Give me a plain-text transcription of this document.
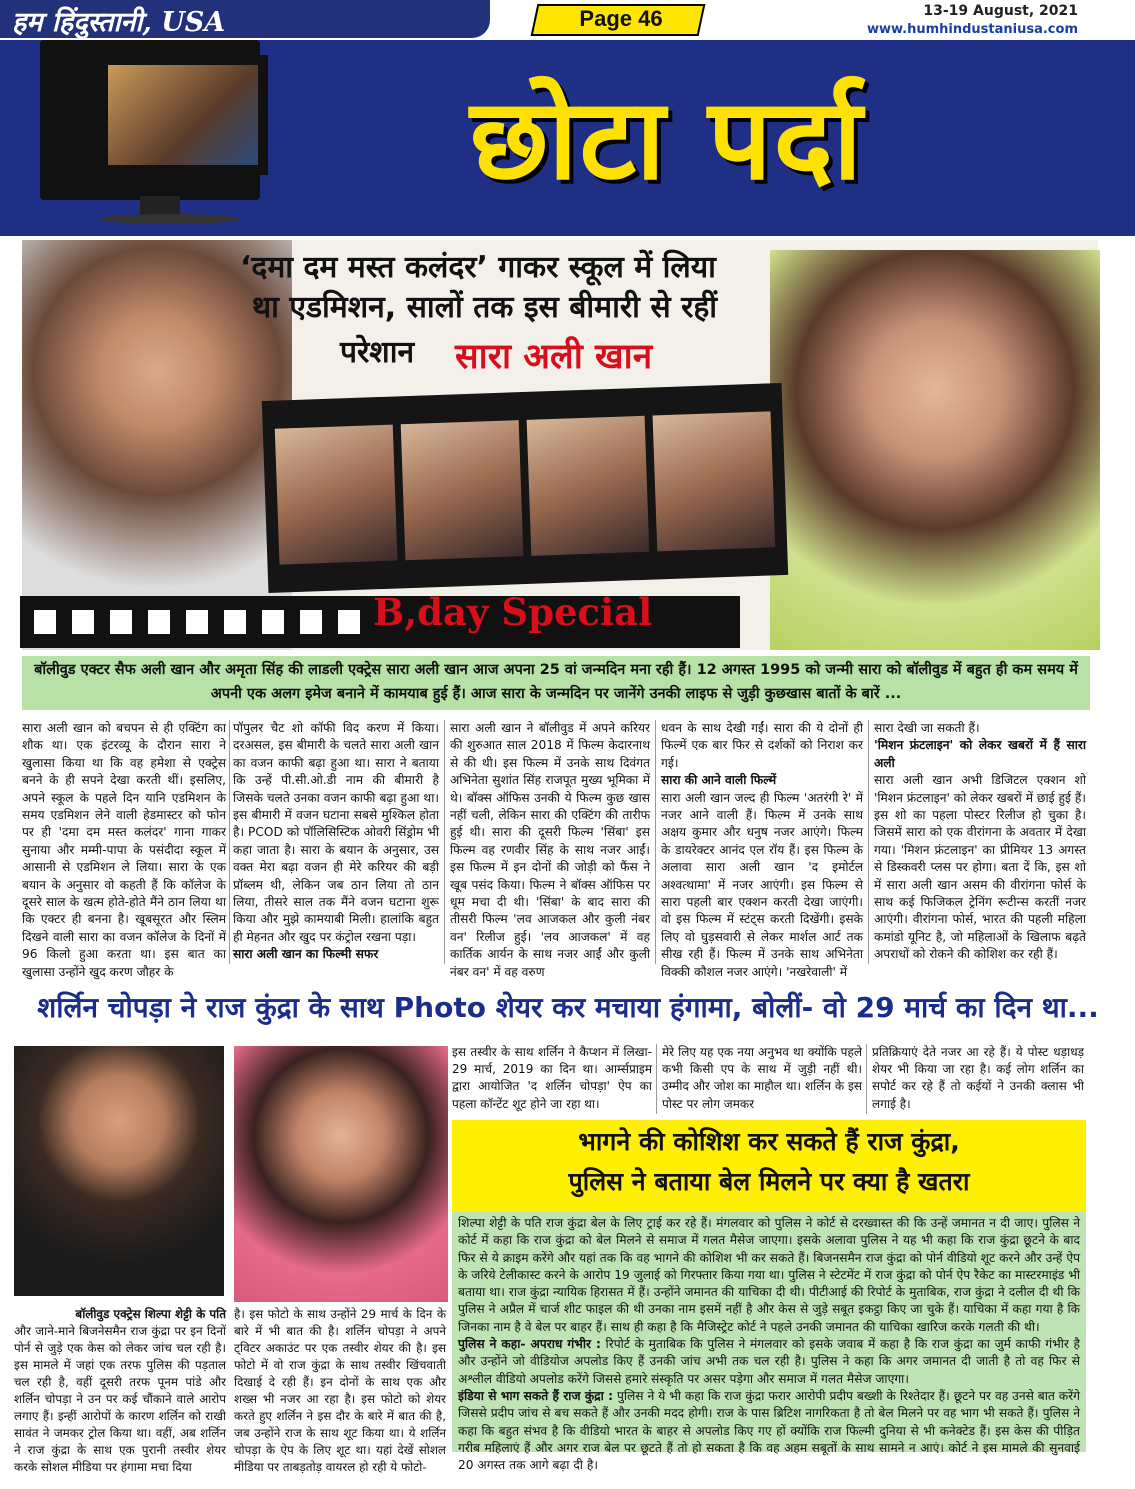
हम हिंदुस्तानी, USA	Page 46	13-19 August, 2021
www.humhindustaniusa.com
छोटा पर्दा
‘दमा दम मस्त कलंदर’ गाकर स्कूल में लिया
था एडमिशन, सालों तक इस बीमारी से रहीं
परेशान सारा अली खान
B,day Special
बॉलीवुड एक्टर सैफ अली खान और अमृता सिंह की लाडली एक्ट्रेस सारा अली खान आज अपना 25 वां जन्मदिन मना रही हैं। 12 अगस्त 1995 को जन्मी सारा को बॉलीवुड में बहुत ही कम समय में अपनी एक अलग इमेज बनाने में कामयाब हुई हैं। आज सारा के जन्मदिन पर जानेंगे उनकी लाइफ से जुड़ी कुछखास बातों के बारें ...
सारा अली खान को बचपन से ही एक्टिंग का शौक था। एक इंटरव्यू के दौरान सारा ने खुलासा किया था कि वह हमेशा से एक्ट्रेस बनने के ही सपने देखा करती थीं। इसलिए, अपने स्कूल के पहले दिन यानि एडमिशन के समय एडमिशन लेने वाली हेडमास्टर को फोन पर ही 'दमा दम मस्त कलंदर' गाना गाकर सुनाया और मम्मी-पापा के पसंदीदा स्कूल में आसानी से एडमिशन ले लिया। सारा के एक बयान के अनुसार वो कहती हैं कि कॉलेज के दूसरे साल के खत्म होते-होते मैंने ठान लिया था कि एक्टर ही बनना है। खूबसूरत और स्लिम दिखने वाली सारा का वजन कॉलेज के दिनों में 96 किलो हुआ करता था। इस बात का खुलासा उन्होंने खुद करण जौहर के
पॉपुलर चैट शो कॉफी विद करण में किया। दरअसल, इस बीमारी के चलते सारा अली खान का वजन काफी बढ़ा हुआ था। सारा ने बताया कि उन्हें पी.सी.ओ.डी नाम की बीमारी है जिसके चलते उनका वजन काफी बढ़ा हुआ था। इस बीमारी में वजन घटाना सबसे मुश्किल होता है। PCOD को पॉलिसिस्टिक ओवरी सिंड्रोम भी कहा जाता है। सारा के बयान के अनुसार, उस वक्त मेरा बढ़ा वजन ही मेरे करियर की बड़ी प्रॉब्लम थी, लेकिन जब ठान लिया तो ठान लिया, तीसरे साल तक मैंने वजन घटाना शुरू किया और मुझे कामयाबी मिली। हालांकि बहुत ही मेहनत और खुद पर कंट्रोल रखना पड़ा।
सारा अली खान का फिल्मी सफर
सारा अली खान ने बॉलीवुड में अपने करियर की शुरुआत साल 2018 में फिल्म केदारनाथ से की थी। इस फिल्म में उनके साथ दिवंगत अभिनेता सुशांत सिंह राजपूत मुख्य भूमिका में थे। बॉक्स ऑफिस उनकी ये फिल्म कुछ खास नहीं चली, लेकिन सारा की एक्टिंग की तारीफ हुई थी। सारा की दूसरी फिल्म 'सिंबा' इस फिल्म वह रणवीर सिंह के साथ नजर आईं। इस फिल्म में इन दोनों की जोड़ी को फैंस ने खूब पसंद किया। फिल्म ने बॉक्स ऑफिस पर धूम मचा दी थी। 'सिंबा' के बाद सारा की तीसरी फिल्म 'लव आजकल और कुली नंबर वन' रिलीज हुई। 'लव आजकल' में वह कार्तिक आर्यन के साथ नजर आईं और कुली नंबर वन' में वह वरुण
धवन के साथ देखी गईं। सारा की ये दोनों ही फिल्में एक बार फिर से दर्शकों को निराश कर गई।
सारा की आने वाली फिल्में
सारा अली खान जल्द ही फिल्म 'अतरंगी रे' में नजर आने वाली हैं। फिल्म में उनके साथ अक्षय कुमार और धनुष नजर आएंगे। फिल्म के डायरेक्टर आनंद एल रॉय हैं। इस फिल्म के अलावा सारा अली खान 'द इमोर्टल अश्वत्थामा' में नजर आएंगी। इस फिल्म से सारा पहली बार एक्शन करती देखा जाएंगी। वो इस फिल्म में स्टंट्स करती दिखेंगी। इसके लिए वो घुड़सवारी से लेकर मार्शल आर्ट तक सीख रही हैं। फिल्म में उनके साथ अभिनेता विक्की कौशल नजर आएंगे। 'नखरेवाली' में
सारा देखी जा सकती हैं।
'मिशन फ्रंटलाइन' को लेकर खबरों में हैं सारा अली
सारा अली खान अभी डिजिटल एक्शन शो 'मिशन फ्रंटलाइन' को लेकर खबरों में छाई हुई हैं। इस शो का पहला पोस्टर रिलीज हो चुका है। जिसमें सारा को एक वीरांगना के अवतार में देखा गया। 'मिशन फ्रंटलाइन' का प्रीमियर 13 अगस्त से डिस्कवरी प्लस पर होगा। बता दें कि, इस शो में सारा अली खान असम की वीरांगना फोर्स के साथ कई फिजिकल ट्रेनिंग रूटीन्स करतीं नजर आएंगी। वीरांगना फोर्स, भारत की पहली महिला कमांडो यूनिट है, जो महिलाओं के खिलाफ बढ़ते अपराधों को रोकने की कोशिश कर रही हैं।
शर्लिन चोपड़ा ने राज कुंद्रा के साथ Photo शेयर कर मचाया हंगामा, बोलीं- वो 29 मार्च का दिन था...
बॉलीवुड एक्ट्रेस शिल्पा शेट्टी के पति
और जाने-माने बिजनेसमैन राज कुंद्रा पर इन दिनों पोर्न से जुड़े एक केस को लेकर जांच चल रही है। इस मामले में जहां एक तरफ पुलिस की पड़ताल चल रही है, वहीं दूसरी तरफ पूनम पांडे और शर्लिन चोपड़ा ने उन पर कई चौंकाने वाले आरोप लगाए हैं। इन्हीं आरोपों के कारण शर्लिन को राखी सावंत ने जमकर ट्रोल किया था। वहीं, अब शर्लिन ने राज कुंद्रा के साथ एक पुरानी तस्वीर शेयर करके सोशल मीडिया पर हंगामा मचा दिया
है। इस फोटो के साथ उन्होंने 29 मार्च के दिन के बारे में भी बात की है। शर्लिन चोपड़ा ने अपने ट्विटर अकाउंट पर एक तस्वीर शेयर की है। इस फोटो में वो राज कुंद्रा के साथ तस्वीर खिंचवाती दिखाई दे रही हैं। इन दोनों के साथ एक और शख्स भी नजर आ रहा है। इस फोटो को शेयर करते हुए शर्लिन ने इस दौर के बारे में बात की है, जब उन्होंने राज के साथ शूट किया था। ये शर्लिन चोपड़ा के ऐप के लिए शूट था। यहां देखें सोशल मीडिया पर ताबड़तोड़ वायरल हो रही ये फोटो-
इस तस्वीर के साथ शर्लिन ने कैप्शन में लिखा- 29 मार्च, 2019 का दिन था। आर्म्सप्राइम द्वारा आयोजित 'द शर्लिन चोपड़ा' ऐप का पहला कॉन्टेंट शूट होने जा रहा था।
मेरे लिए यह एक नया अनुभव था क्योंकि पहले कभी किसी एप के साथ में जुड़ी नहीं थी। उम्मीद और जोश का माहौल था। शर्लिन के इस पोस्ट पर लोग जमकर
प्रतिक्रियाएं देते नजर आ रहे हैं। ये पोस्ट धड़ाधड़ शेयर भी किया जा रहा है। कई लोग शर्लिन का सपोर्ट कर रहे हैं तो कईयों ने उनकी क्लास भी लगाई है।
भागने की कोशिश कर सकते हैं राज कुंद्रा,
पुलिस ने बताया बेल मिलने पर क्या है खतरा
शिल्पा शेट्टी के पति राज कुंद्रा बेल के लिए ट्राई कर रहे हैं। मंगलवार को पुलिस ने कोर्ट से दरख्वास्त की कि उन्हें जमानत न दी जाए। पुलिस ने कोर्ट में कहा कि राज कुंद्रा को बेल मिलने से समाज में गलत मैसेज जाएगा। इसके अलावा पुलिस ने यह भी कहा कि राज कुंद्रा छूटने के बाद फिर से ये क्राइम करेंगे और यहां तक कि वह भागने की कोशिश भी कर सकते हैं। बिजनसमैन राज कुंद्रा को पोर्न वीडियो शूट करने और उन्हें ऐप के जरिये टेलीकास्ट करने के आरोप 19 जुलाई को गिरफ्तार किया गया था। पुलिस ने स्टेटमेंट में राज कुंद्रा को पोर्न ऐप रैकेट का मास्टरमाइंड भी बताया था। राज कुंद्रा न्यायिक हिरासत में हैं। उन्होंने जमानत की याचिका दी थी। पीटीआई की रिपोर्ट के मुताबिक, राज कुंद्रा ने दलील दी थी कि पुलिस ने अप्रैल में चार्ज शीट फाइल की थी उनका नाम इसमें नहीं है और केस से जुड़े सबूत इकट्ठा किए जा चुके हैं। याचिका में कहा गया है कि जिनका नाम है वे बेल पर बाहर हैं। साथ ही कहा है कि मैजिस्ट्रेट कोर्ट ने पहले उनकी जमानत की याचिका खारिज करके गलती की थी।
पुलिस ने कहा- अपराध गंभीर : रिपोर्ट के मुताबिक कि पुलिस ने मंगलवार को इसके जवाब में कहा है कि राज कुंद्रा का जुर्म काफी गंभीर है और उन्होंने जो वीडियोज अपलोड किए हैं उनकी जांच अभी तक चल रही है। पुलिस ने कहा कि अगर जमानत दी जाती है तो वह फिर से अश्लील वीडियो अपलोड करेंगे जिससे हमारे संस्कृति पर असर पड़ेगा और समाज में गलत मैसेज जाएगा।
इंडिया से भाग सकते हैं राज कुंद्रा : पुलिस ने ये भी कहा कि राज कुंद्रा फरार आरोपी प्रदीप बख्शी के रिश्तेदार हैं। छूटने पर वह उनसे बात करेंगे जिससे प्रदीप जांच से बच सकते हैं और उनकी मदद होगी। राज के पास ब्रिटिश नागरिकता है तो बेल मिलने पर वह भाग भी सकते हैं। पुलिस ने कहा कि बहुत संभव है कि वीडियो भारत के बाहर से अपलोड किए गए हों क्योंकि राज फिल्मी दुनिया से भी कनेक्टेड हैं। इस केस की पीड़ित गरीब महिलाएं हैं और अगर राज बेल पर छूटते हैं तो हो सकता है कि वह अहम सबूतों के साथ सामने न आएं। कोर्ट ने इस मामले की सुनवाई 20 अगस्त तक आगे बढ़ा दी है।
